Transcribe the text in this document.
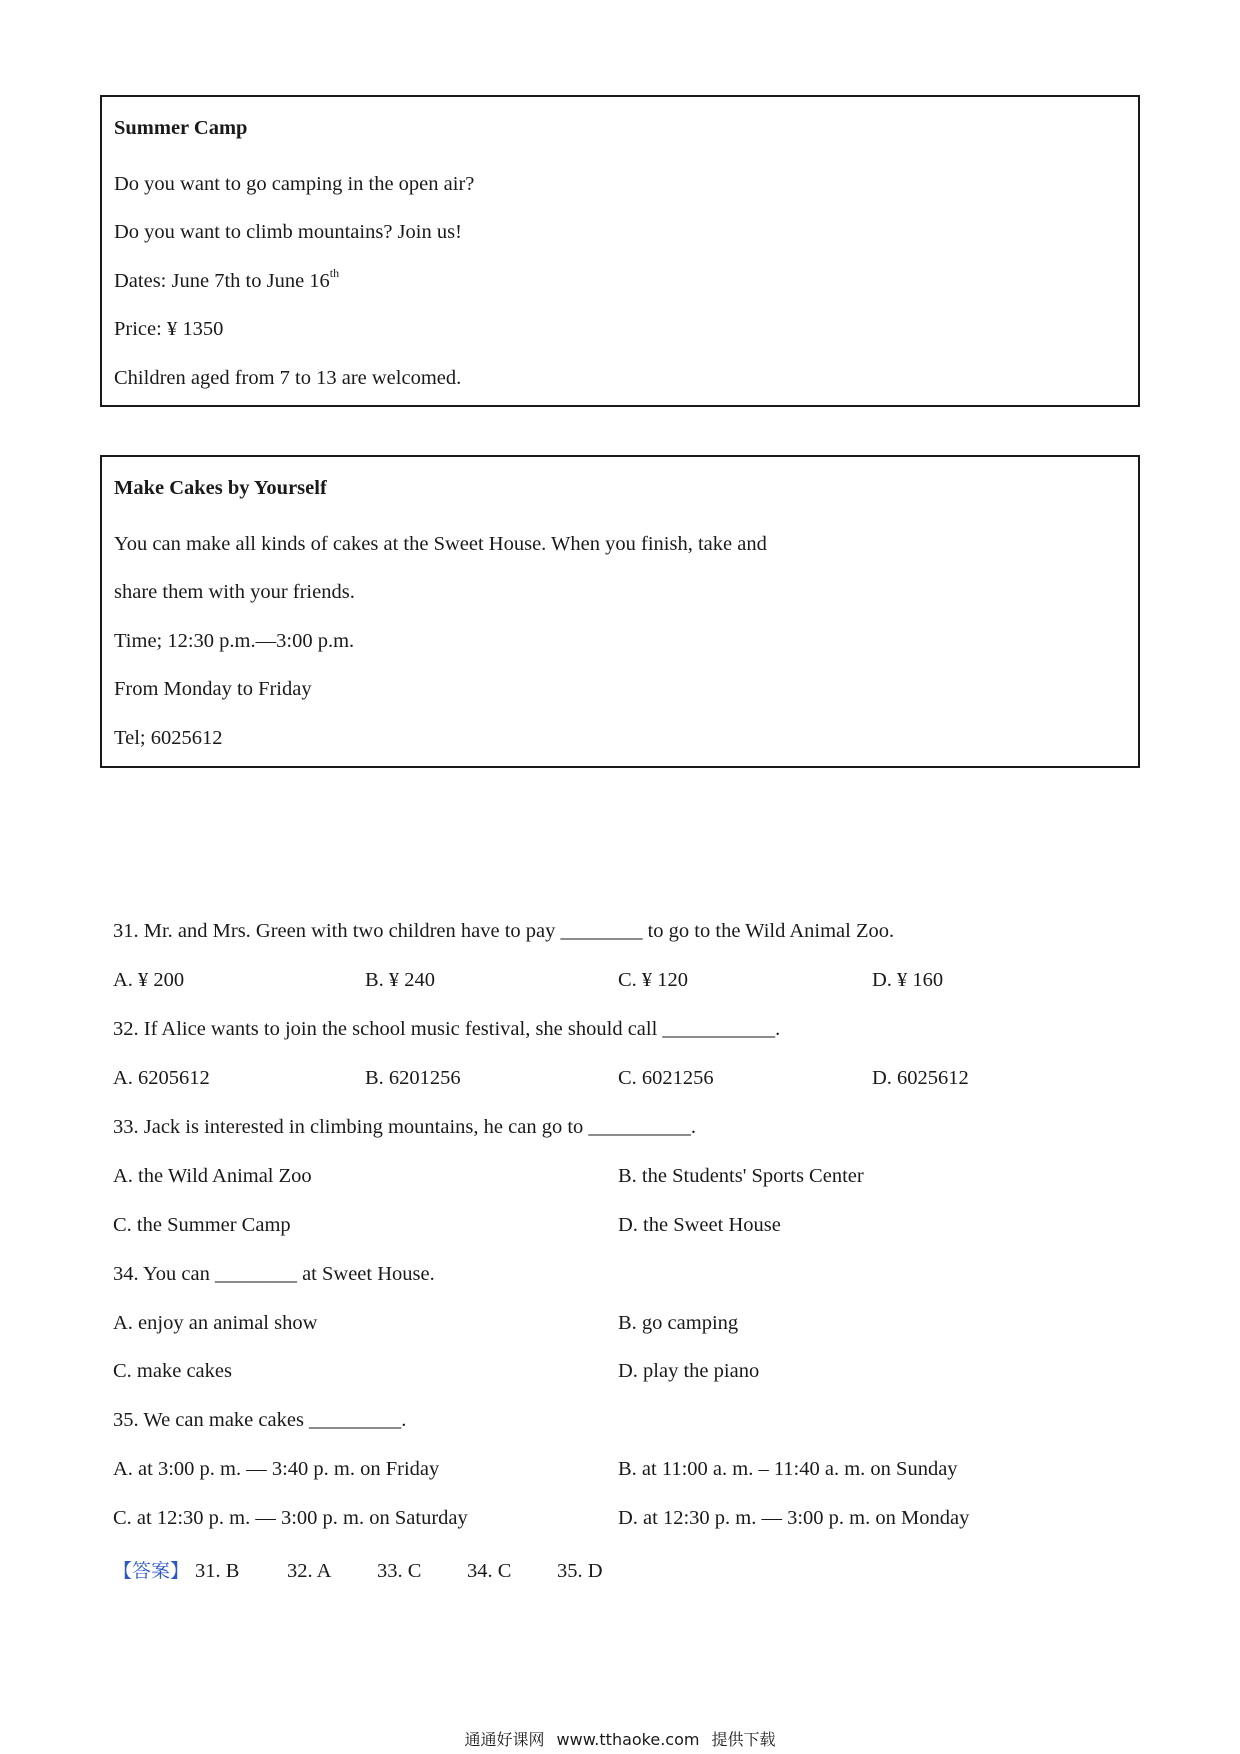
Summer Camp
Do you want to go camping in the open air?
Do you want to climb mountains? Join us!
Dates: June 7th to June 16th
Price: ¥ 1350
Children aged from 7 to 13 are welcomed.
Make Cakes by Yourself
You can make all kinds of cakes at the Sweet House. When you finish, take and
share them with your friends.
Time; 12:30 p.m.—3:00 p.m.
From Monday to Friday
Tel; 6025612
31. Mr. and Mrs. Green with two children have to pay ________ to go to the Wild Animal Zoo.
A. ¥ 200	B. ¥ 240	C. ¥ 120	D. ¥ 160
32. If Alice wants to join the school music festival, she should call ___________.
A. 6205612	B. 6201256	C. 6021256	D. 6025612
33. Jack is interested in climbing mountains, he can go to __________.
A. the Wild Animal Zoo	B. the Students' Sports Center
C. the Summer Camp	D. the Sweet House
34. You can ________ at Sweet House.
A. enjoy an animal show	B. go camping
C. make cakes	D. play the piano
35. We can make cakes _________.
A. at 3:00 p. m. — 3:40 p. m. on Friday	B. at 11:00 a. m. – 11:40 a. m. on Sunday
C. at 12:30 p. m. — 3:00 p. m. on Saturday	D. at 12:30 p. m. — 3:00 p. m. on Monday
【答案】 31. B 32. A 33. C 34. C 35. D
通通好课网 www.tthaoke.com 提供下载
